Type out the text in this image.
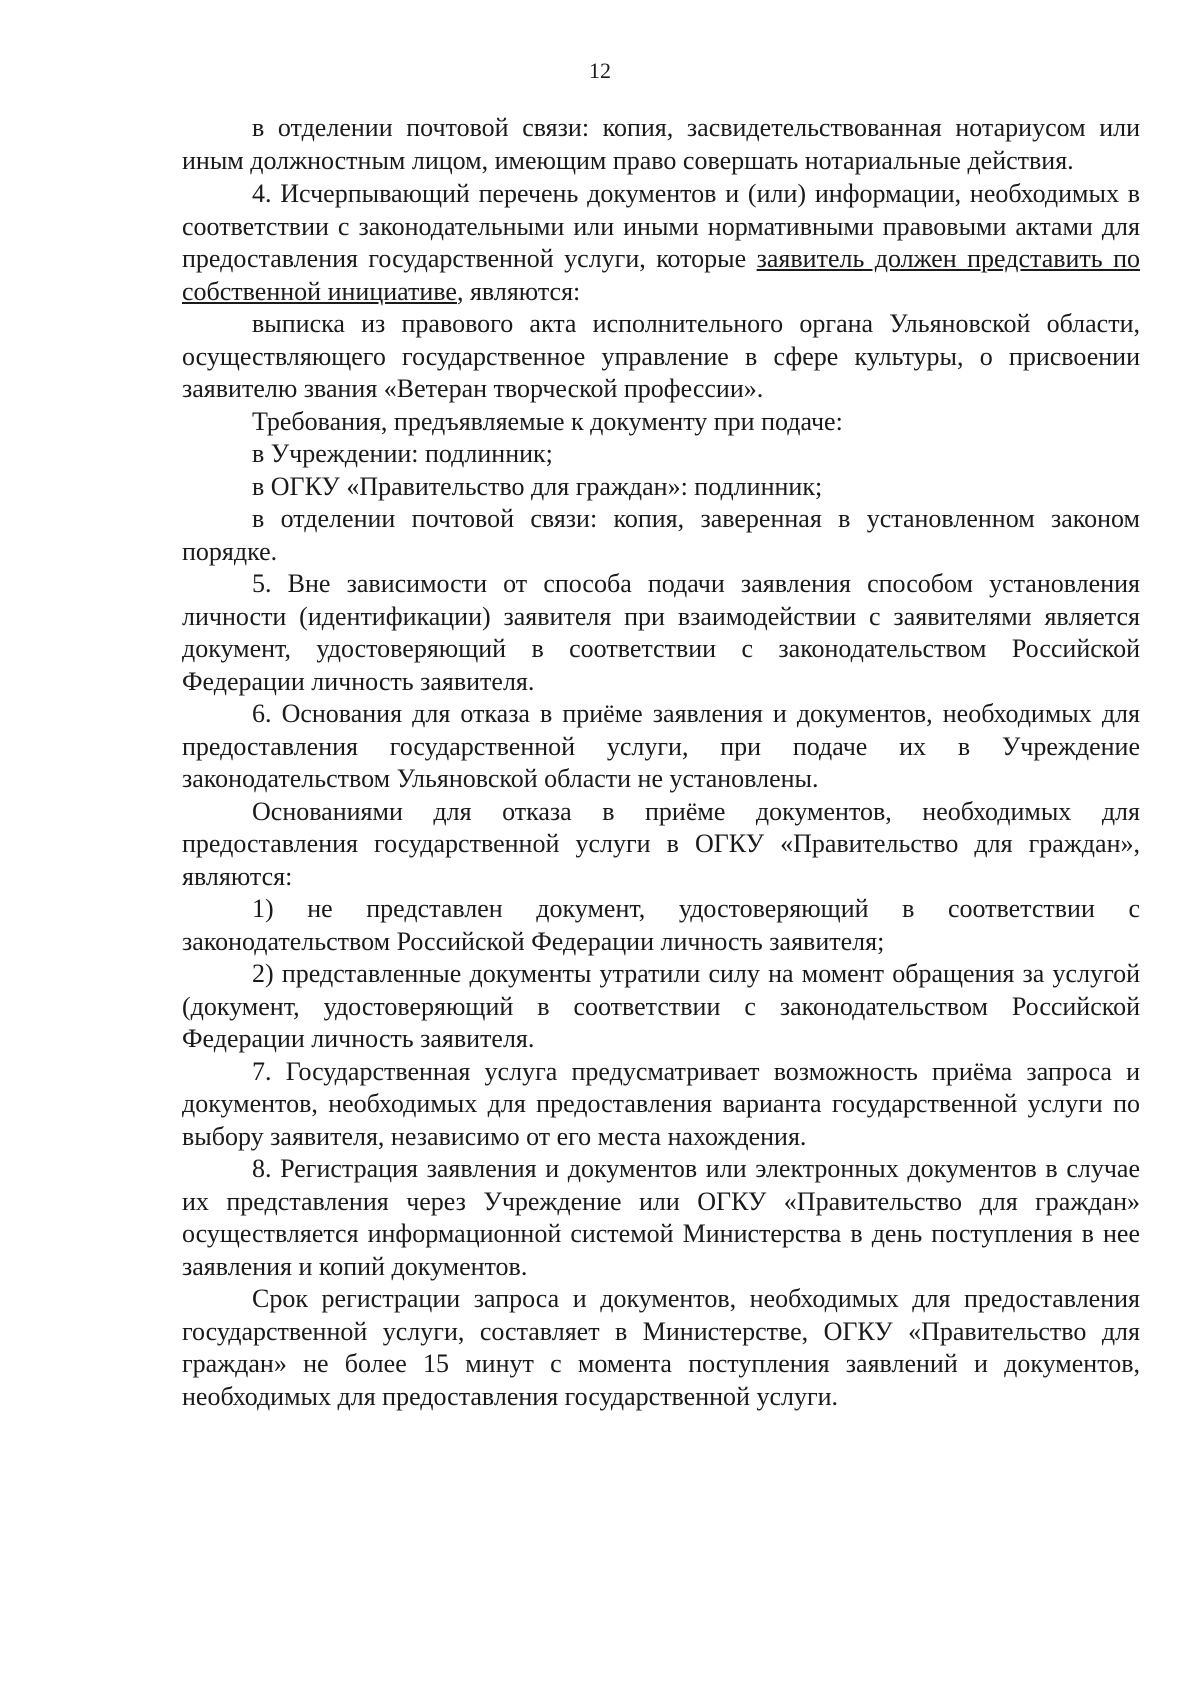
12

в отделении почтовой связи: копия, засвидетельствованная нотариусом или иным должностным лицом, имеющим право совершать нотариальные действия.

4. Исчерпывающий перечень документов и (или) информации, необходимых в соответствии с законодательными или иными нормативными правовыми актами для предоставления государственной услуги, которые заявитель должен представить по собственной инициативе, являются:

выписка из правового акта исполнительного органа Ульяновской области, осуществляющего государственное управление в сфере культуры, о присвоении заявителю звания «Ветеран творческой профессии».

Требования, предъявляемые к документу при подаче:

в Учреждении: подлинник;

в ОГКУ «Правительство для граждан»: подлинник;

в отделении почтовой связи: копия, заверенная в установленном законом порядке.

5. Вне зависимости от способа подачи заявления способом установления личности (идентификации) заявителя при взаимодействии с заявителями является документ, удостоверяющий в соответствии с законодательством Российской Федерации личность заявителя.

6. Основания для отказа в приёме заявления и документов, необходимых для предоставления государственной услуги, при подаче их в Учреждение законодательством Ульяновской области не установлены.

Основаниями для отказа в приёме документов, необходимых для предоставления государственной услуги в ОГКУ «Правительство для граждан», являются:

1) не представлен документ, удостоверяющий в соответствии с законодательством Российской Федерации личность заявителя;

2) представленные документы утратили силу на момент обращения за услугой (документ, удостоверяющий в соответствии с законодательством Российской Федерации личность заявителя.

7. Государственная услуга предусматривает возможность приёма запроса и документов, необходимых для предоставления варианта государственной услуги по выбору заявителя, независимо от его места нахождения.

8. Регистрация заявления и документов или электронных документов в случае их представления через Учреждение или ОГКУ «Правительство для граждан» осуществляется информационной системой Министерства в день поступления в нее заявления и копий документов.

Срок регистрации запроса и документов, необходимых для предоставления государственной услуги, составляет в Министерстве, ОГКУ «Правительство для граждан» не более 15 минут с момента поступления заявлений и документов, необходимых для предоставления государственной услуги.
